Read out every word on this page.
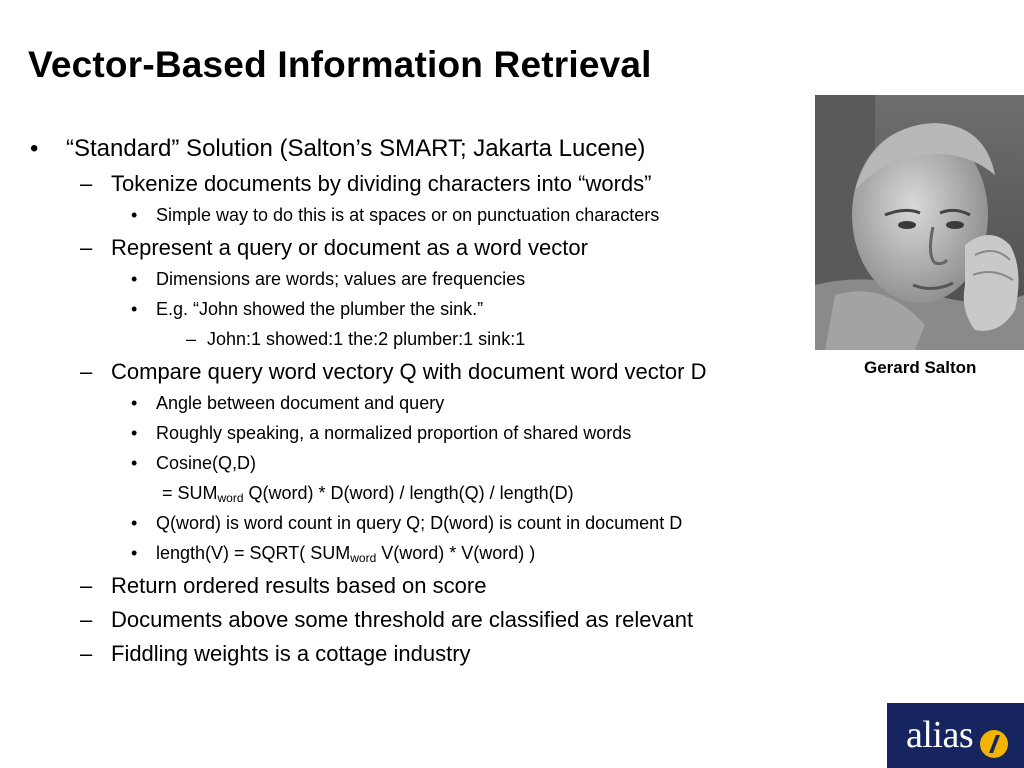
Vector-Based Information Retrieval
• “Standard” Solution (Salton’s SMART; Jakarta Lucene)
– Tokenize documents by dividing characters into “words”
• Simple way to do this is at spaces or on punctuation characters
– Represent a query or document as a word vector
• Dimensions are words; values are frequencies
• E.g. “John showed the plumber the sink.”
– John:1 showed:1 the:2 plumber:1 sink:1
– Compare query word vectory Q with document word vector D
• Angle between document and query
• Roughly speaking, a normalized proportion of shared words
• Cosine(Q,D)
= $SUM_{word}$ Q(word) * D(word) / length(Q) / length(D)
• Q(word) is word count in query Q; D(word) is count in document D
• length(V) = SQRT( $SUM_{word}$ V(word) * V(word) )
– Return ordered results based on score
– Documents above some threshold are classified as relevant
– Fiddling weights is a cottage industry
Gerard Salton
alias
